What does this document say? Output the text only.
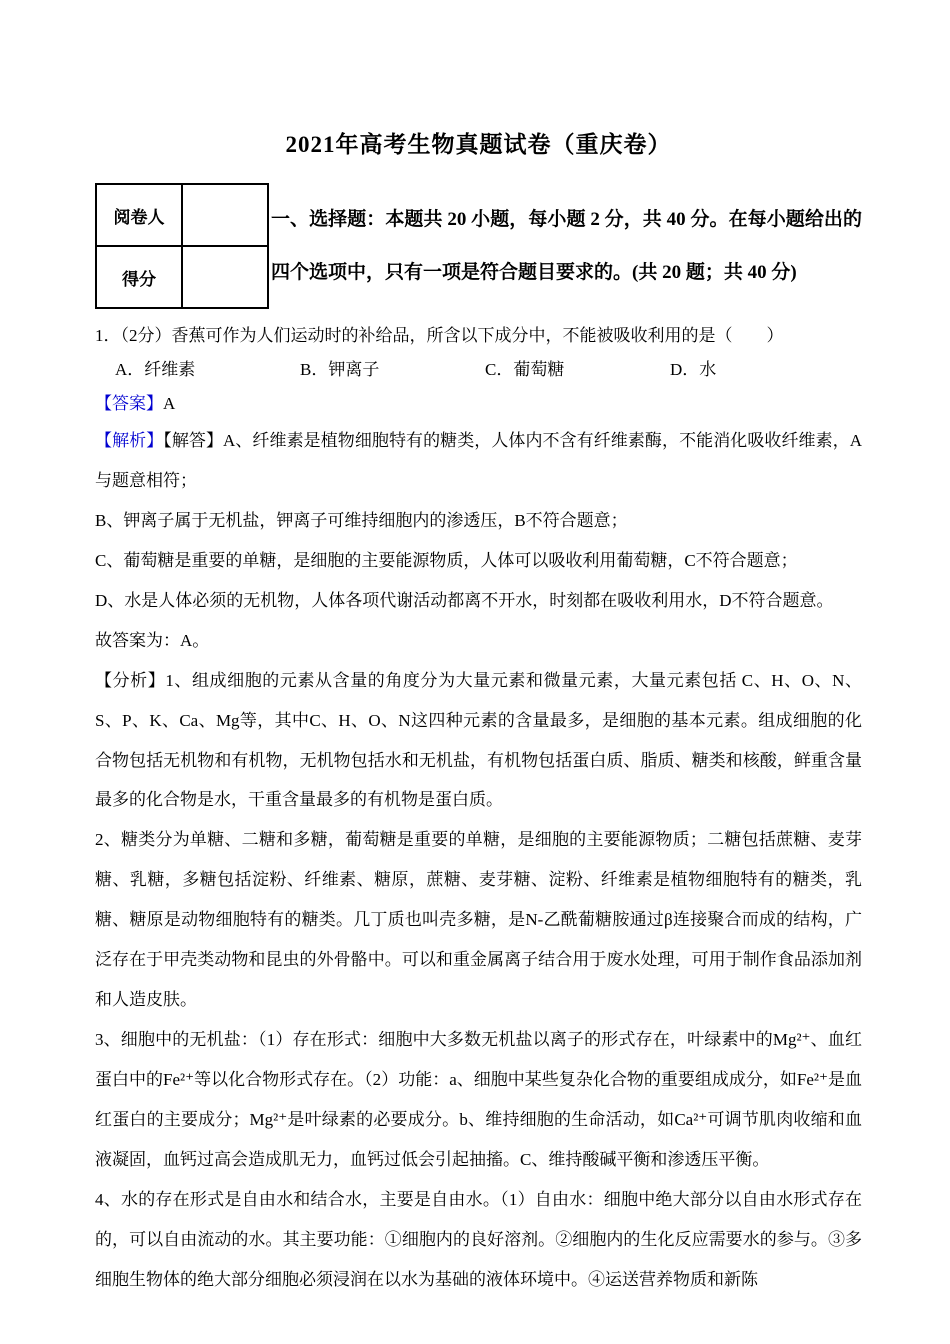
2021年高考生物真题试卷（重庆卷）
阅卷人	
得分	
一、选择题：本题共 20 小题，每小题 2 分，共 40 分。在每小题给出的四个选项中，只有一项是符合题目要求的。(共 20 题；共 40 分)

1．（2分）香蕉可作为人们运动时的补给品，所含以下成分中，不能被吸收利用的是（　　）

A．纤维素	B．钾离子	C．葡萄糖	D．水

【答案】A

【解析】【解答】A、纤维素是植物细胞特有的糖类，人体内不含有纤维素酶，不能消化吸收纤维素，A与题意相符；

B、钾离子属于无机盐，钾离子可维持细胞内的渗透压，B不符合题意；

C、葡萄糖是重要的单糖，是细胞的主要能源物质，人体可以吸收利用葡萄糖，C不符合题意；

D、水是人体必须的无机物，人体各项代谢活动都离不开水，时刻都在吸收利用水，D不符合题意。

故答案为：A。

【分析】1、组成细胞的元素从含量的角度分为大量元素和微量元素，大量元素包括 C、H、O、N、S、P、K、Ca、Mg等，其中C、H、O、N这四种元素的含量最多，是细胞的基本元素。组成细胞的化合物包括无机物和有机物，无机物包括水和无机盐，有机物包括蛋白质、脂质、糖类和核酸，鲜重含量最多的化合物是水，干重含量最多的有机物是蛋白质。

2、糖类分为单糖、二糖和多糖，葡萄糖是重要的单糖，是细胞的主要能源物质；二糖包括蔗糖、麦芽糖、乳糖，多糖包括淀粉、纤维素、糖原，蔗糖、麦芽糖、淀粉、纤维素是植物细胞特有的糖类，乳糖、糖原是动物细胞特有的糖类。几丁质也叫壳多糖，是N-乙酰葡糖胺通过β连接聚合而成的结构，广泛存在于甲壳类动物和昆虫的外骨骼中。可以和重金属离子结合用于废水处理，可用于制作食品添加剂和人造皮肤。

3、细胞中的无机盐：（1）存在形式：细胞中大多数无机盐以离子的形式存在，叶绿素中的Mg²⁺、血红蛋白中的Fe²⁺等以化合物形式存在。（2）功能：a、细胞中某些复杂化合物的重要组成成分，如Fe²⁺是血红蛋白的主要成分；Mg²⁺是叶绿素的必要成分。b、维持细胞的生命活动，如Ca²⁺可调节肌肉收缩和血液凝固，血钙过高会造成肌无力，血钙过低会引起抽搐。C、维持酸碱平衡和渗透压平衡。

4、水的存在形式是自由水和结合水，主要是自由水。（1）自由水：细胞中绝大部分以自由水形式存在的，可以自由流动的水。其主要功能：①细胞内的良好溶剂。②细胞内的生化反应需要水的参与。③多细胞生物体的绝大部分细胞必须浸润在以水为基础的液体环境中。④运送营养物质和新陈
